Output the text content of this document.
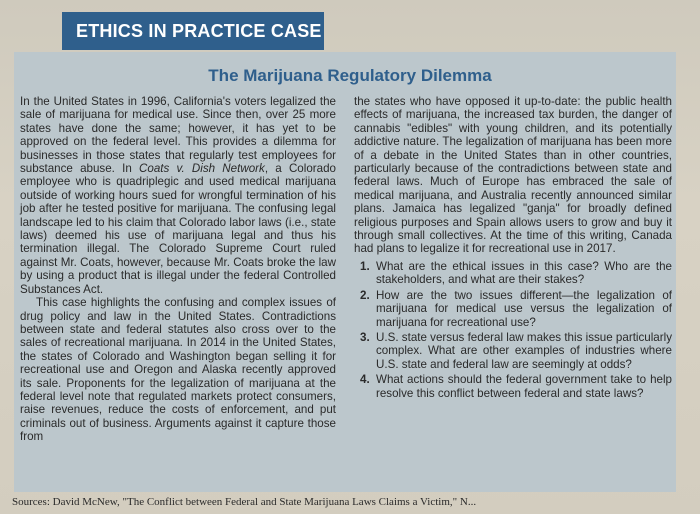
ETHICS IN PRACTICE CASE
The Marijuana Regulatory Dilemma

In the United States in 1996, California's voters legalized the sale of marijuana for medical use. Since then, over 25 more states have done the same; however, it has yet to be approved on the federal level. This provides a dilemma for businesses in those states that regularly test employees for substance abuse. In Coats v. Dish Network, a Colorado employee who is quadriplegic and used medical marijuana outside of working hours sued for wrongful termination of his job after he tested positive for marijuana. The confusing legal landscape led to his claim that Colorado labor laws (i.e., state laws) deemed his use of marijuana legal and thus his termination illegal. The Colorado Supreme Court ruled against Mr. Coats, however, because Mr. Coats broke the law by using a product that is illegal under the federal Controlled Substances Act.

This case highlights the confusing and complex issues of drug policy and law in the United States. Contradictions between state and federal statutes also cross over to the sales of recreational marijuana. In 2014 in the United States, the states of Colorado and Washington began selling it for recreational use and Oregon and Alaska recently approved its sale. Proponents for the legalization of marijuana at the federal level note that regulated markets protect consumers, raise revenues, reduce the costs of enforcement, and put criminals out of business. Arguments against it capture those from

the states who have opposed it up-to-date: the public health effects of marijuana, the increased tax burden, the danger of cannabis "edibles" with young children, and its potentially addictive nature. The legalization of marijuana has been more of a debate in the United States than in other countries, particularly because of the contradictions between state and federal laws. Much of Europe has embraced the sale of medical marijuana, and Australia recently announced similar plans. Jamaica has legalized "ganja" for broadly defined religious purposes and Spain allows users to grow and buy it through small collectives. At the time of this writing, Canada had plans to legalize it for recreational use in 2017.

1. What are the ethical issues in this case? Who are the stakeholders, and what are their stakes?
2. How are the two issues different—the legalization of marijuana for medical use versus the legalization of marijuana for recreational use?
3. U.S. state versus federal law makes this issue particularly complex. What are other examples of industries where U.S. state and federal law are seemingly at odds?
4. What actions should the federal government take to help resolve this conflict between federal and state laws?
Sources: David McNew, "The Conflict between Federal and State Marijuana Laws Claims a Victim," N...
